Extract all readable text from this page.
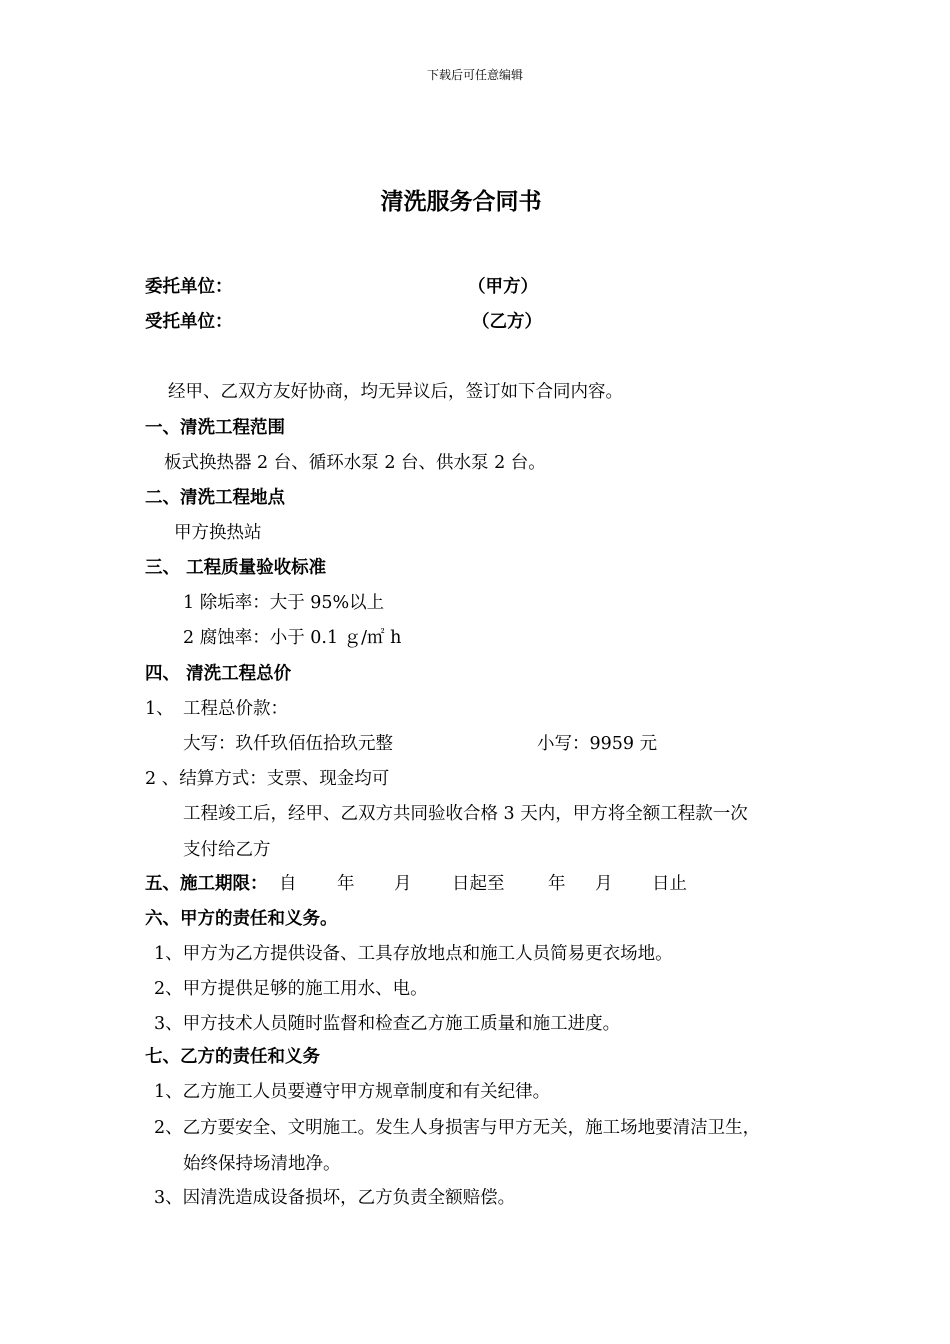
下载后可任意编辑
清洗服务合同书
委托单位：	（甲方）
受托单位：	（乙方）
经甲、乙双方友好协商，均无异议后，签订如下合同内容。
一、清洗工程范围
板式换热器 2 台、循环水泵 2 台、供水泵 2 台。
二、清洗工程地点
甲方换热站
三、 工程质量验收标准
1 除垢率：大于 95%以上
2 腐蚀率：小于 0.1 ｇ/㎡ h
四、 清洗工程总价
1、 工程总价款：
大写：玖仟玖佰伍拾玖元整	小写：9959 元
2 、结算方式：支票、现金均可
工程竣工后，经甲、乙双方共同验收合格 3 天内，甲方将全额工程款一次
支付给乙方
五、施工期限： 自 年 月 日起至 年 月 日止
六、甲方的责任和义务。
1、甲方为乙方提供设备、工具存放地点和施工人员简易更衣场地。
2、甲方提供足够的施工用水、电。
3、甲方技术人员随时监督和检查乙方施工质量和施工进度。
七、乙方的责任和义务
1、乙方施工人员要遵守甲方规章制度和有关纪律。
2、乙方要安全、文明施工。发生人身损害与甲方无关，施工场地要清洁卫生，
始终保持场清地净。
3、因清洗造成设备损坏，乙方负责全额赔偿。
